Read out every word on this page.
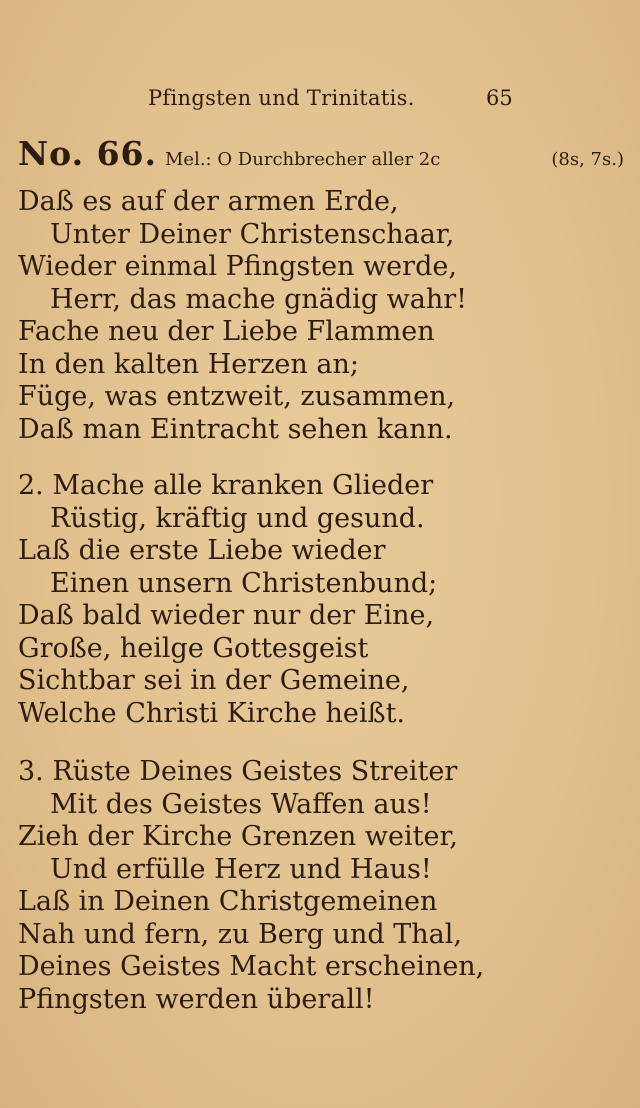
Pfingsten und Trinitatis.	65
No. 66. Mel.: O Durchbrecher aller 2c	(8s, 7s.)
Daß es auf der armen Erde,
Unter Deiner Christenschaar,
Wieder einmal Pfingsten werde,
Herr, das mache gnädig wahr!
Fache neu der Liebe Flammen
In den kalten Herzen an;
Füge, was entzweit, zusammen,
Daß man Eintracht sehen kann.
2. Mache alle kranken Glieder
Rüstig, kräftig und gesund.
Laß die erste Liebe wieder
Einen unsern Christenbund;
Daß bald wieder nur der Eine,
Große, heilge Gottesgeist
Sichtbar sei in der Gemeine,
Welche Christi Kirche heißt.
3. Rüste Deines Geistes Streiter
Mit des Geistes Waffen aus!
Zieh der Kirche Grenzen weiter,
Und erfülle Herz und Haus!
Laß in Deinen Christgemeinen
Nah und fern, zu Berg und Thal,
Deines Geistes Macht erscheinen,
Pfingsten werden überall!
